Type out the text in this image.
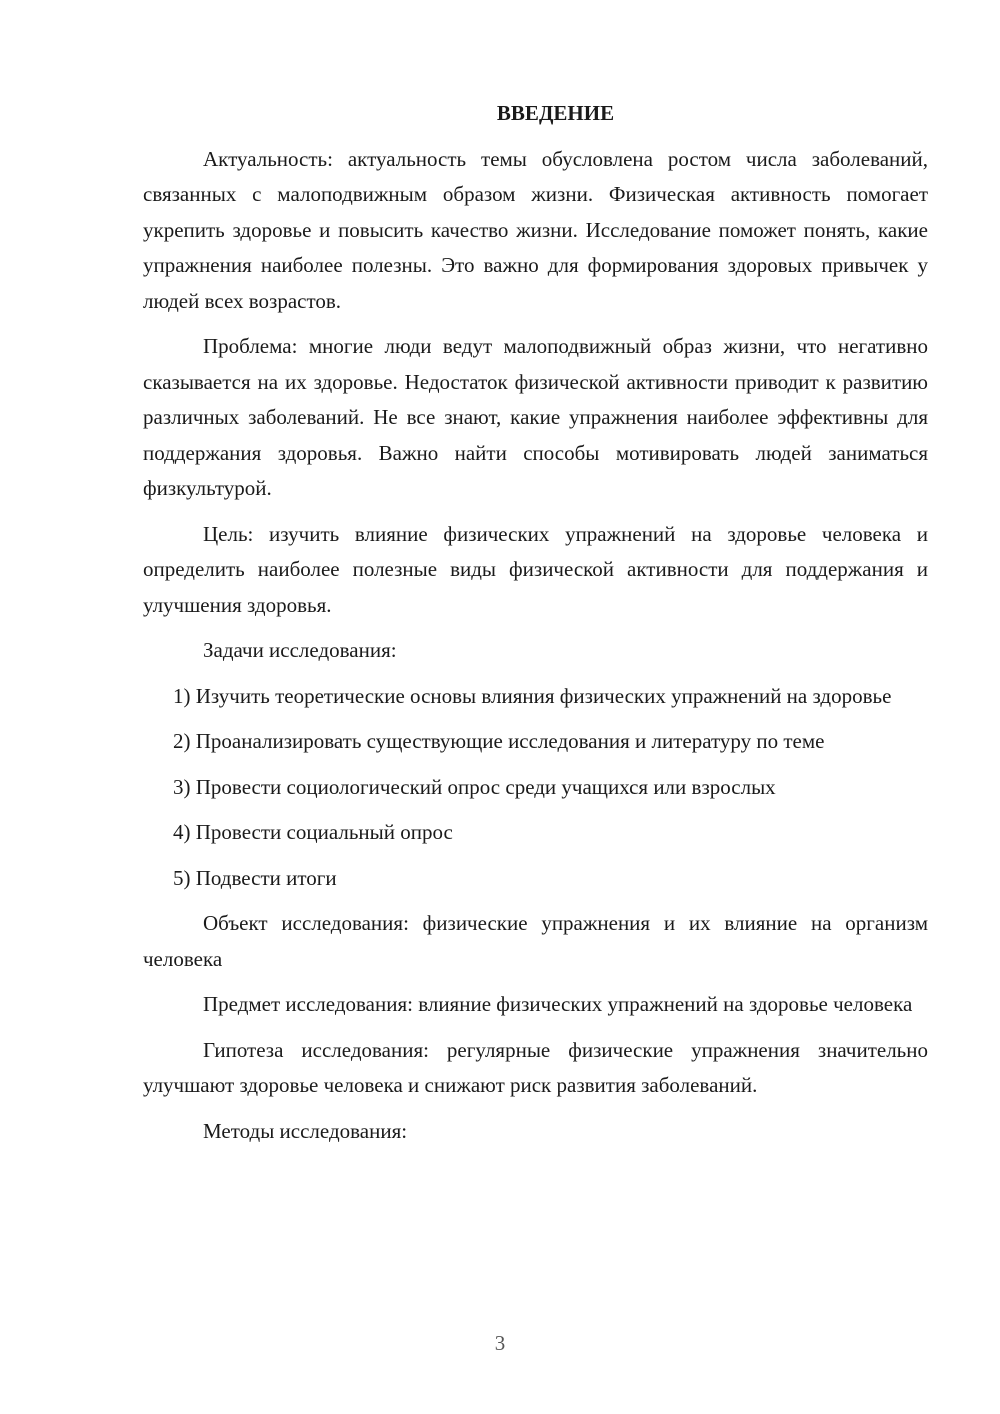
ВВЕДЕНИЕ

Актуальность: актуальность темы обусловлена ростом числа заболеваний, связанных с малоподвижным образом жизни. Физическая активность помогает укрепить здоровье и повысить качество жизни. Исследование поможет понять, какие упражнения наиболее полезны. Это важно для формирования здоровых привычек у людей всех возрастов.

Проблема: многие люди ведут малоподвижный образ жизни, что негативно сказывается на их здоровье. Недостаток физической активности приводит к развитию различных заболеваний. Не все знают, какие упражнения наиболее эффективны для поддержания здоровья. Важно найти способы мотивировать людей заниматься физкультурой.

Цель: изучить влияние физических упражнений на здоровье человека и определить наиболее полезные виды физической активности для поддержания и улучшения здоровья.

Задачи исследования:

1) Изучить теоретические основы влияния физических упражнений на здоровье

2) Проанализировать существующие исследования и литературу по теме

3) Провести социологический опрос среди учащихся или взрослых

4) Провести социальный опрос

5) Подвести итоги

Объект исследования: физические упражнения и их влияние на организм человека

Предмет исследования: влияние физических упражнений на здоровье человека

Гипотеза исследования: регулярные физические упражнения значительно улучшают здоровье человека и снижают риск развития заболеваний.

Методы исследования:

3
